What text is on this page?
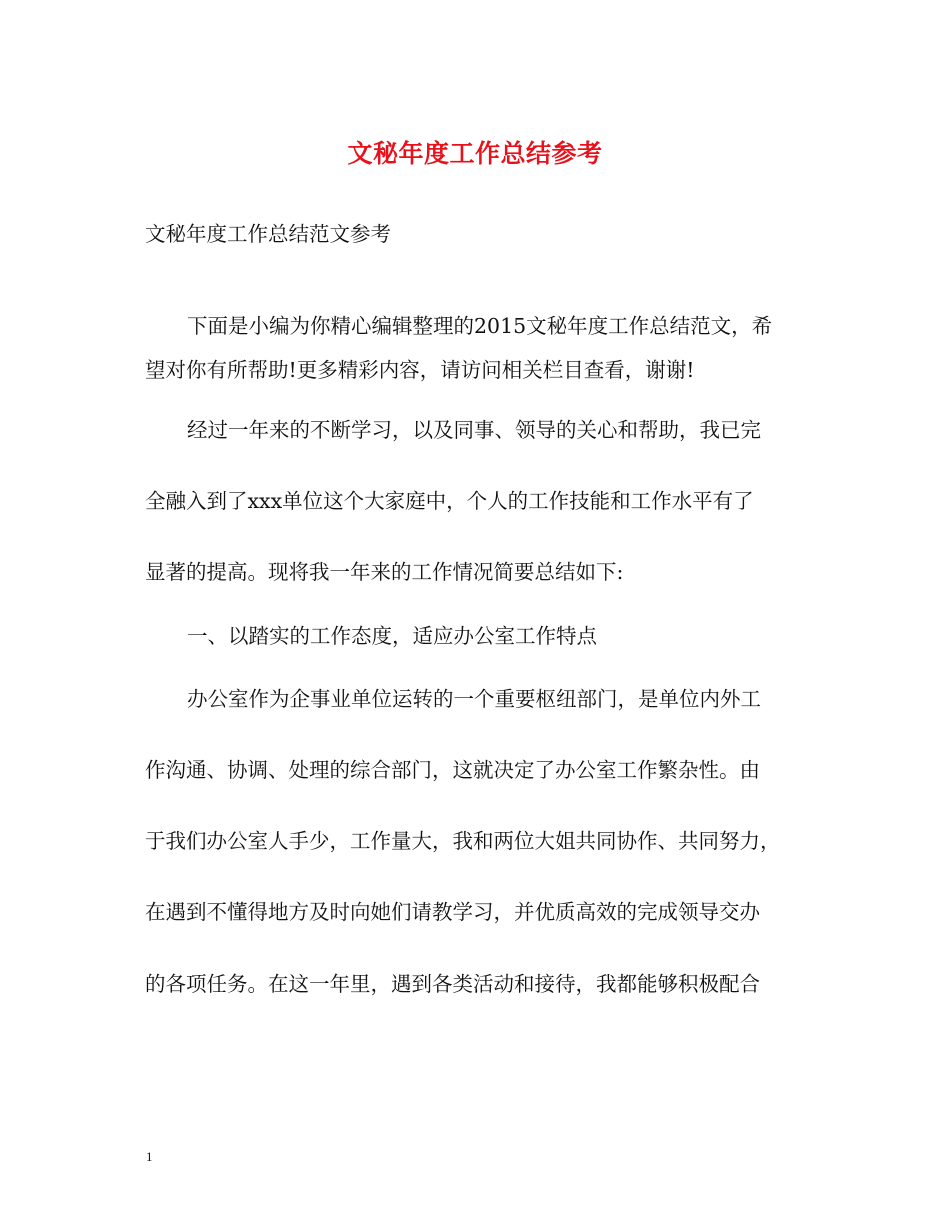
文秘年度工作总结参考
文秘年度工作总结范文参考
下面是小编为你精心编辑整理的2015文秘年度工作总结范文，希
望对你有所帮助!更多精彩内容，请访问相关栏目查看，谢谢!
经过一年来的不断学习，以及同事、领导的关心和帮助，我已完
全融入到了xxx单位这个大家庭中，个人的工作技能和工作水平有了
显著的提高。现将我一年来的工作情况简要总结如下:
一、以踏实的工作态度，适应办公室工作特点
办公室作为企事业单位运转的一个重要枢纽部门，是单位内外工
作沟通、协调、处理的综合部门，这就决定了办公室工作繁杂性。由
于我们办公室人手少，工作量大，我和两位大姐共同协作、共同努力，
在遇到不懂得地方及时向她们请教学习，并优质高效的完成领导交办
的各项任务。在这一年里，遇到各类活动和接待，我都能够积极配合
1
